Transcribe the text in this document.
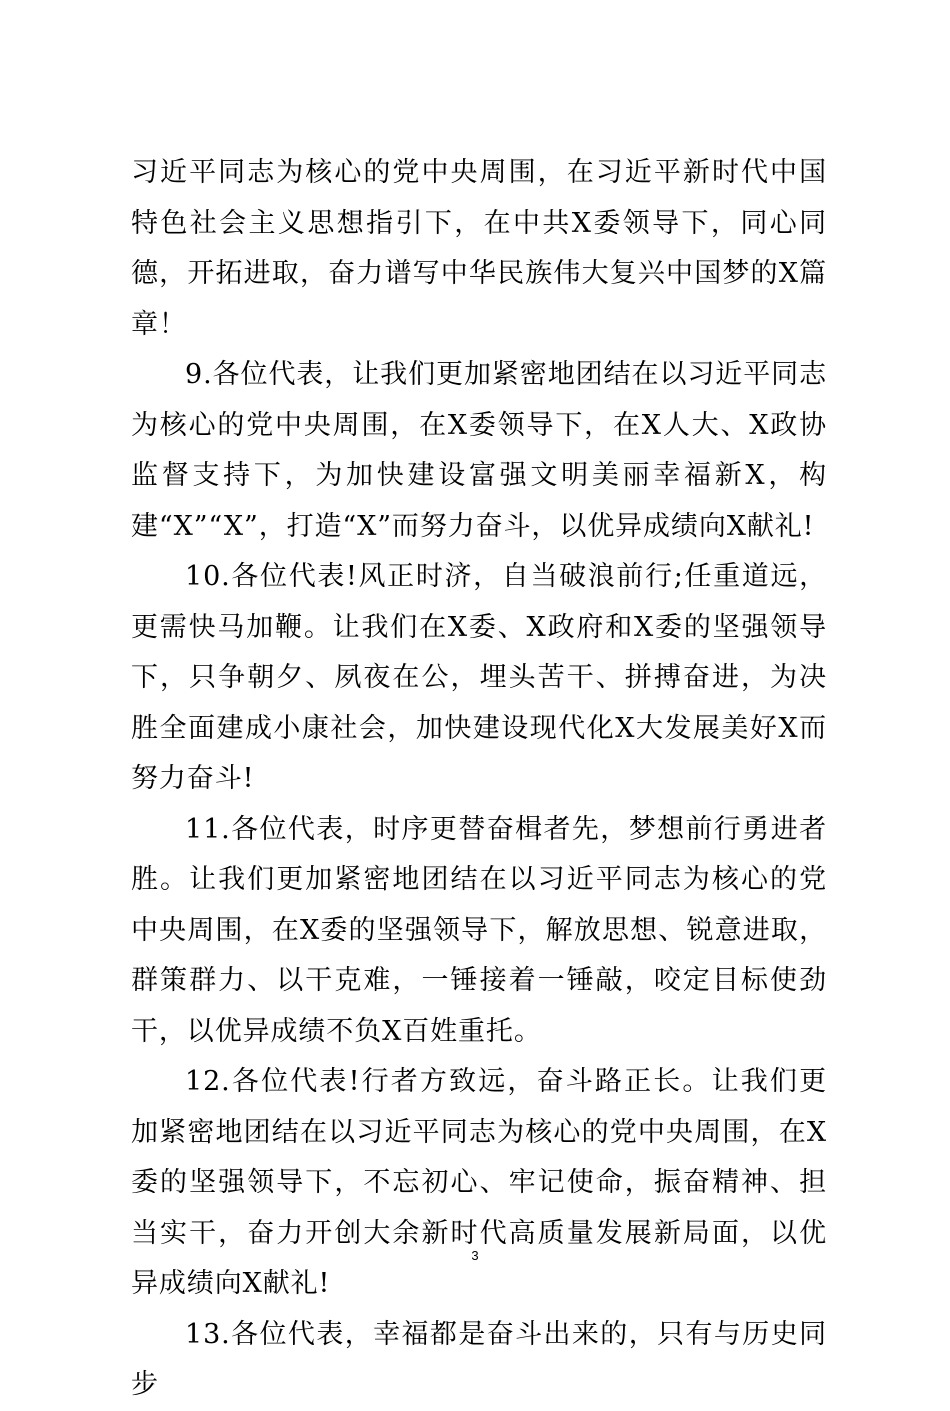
习近平同志为核心的党中央周围，在习近平新时代中国特色社会主义思想指引下，在中共X委领导下，同心同德，开拓进取，奋力谱写中华民族伟大复兴中国梦的X篇章！

9.各位代表，让我们更加紧密地团结在以习近平同志为核心的党中央周围，在X委领导下，在X人大、X政协监督支持下，为加快建设富强文明美丽幸福新X，构建“X”“X”，打造“X”而努力奋斗，以优异成绩向X献礼!

10.各位代表!风正时济，自当破浪前行;任重道远，更需快马加鞭。让我们在X委、X政府和X委的坚强领导下，只争朝夕、夙夜在公，埋头苦干、拼搏奋进，为决胜全面建成小康社会，加快建设现代化X大发展美好X而努力奋斗!

11.各位代表，时序更替奋楫者先，梦想前行勇进者胜。让我们更加紧密地团结在以习近平同志为核心的党中央周围，在X委的坚强领导下，解放思想、锐意进取，群策群力、以干克难，一锤接着一锤敲，咬定目标使劲干，以优异成绩不负X百姓重托。

12.各位代表!行者方致远，奋斗路正长。让我们更加紧密地团结在以习近平同志为核心的党中央周围，在X委的坚强领导下，不忘初心、牢记使命，振奋精神、担当实干，奋力开创大余新时代高质量发展新局面，以优异成绩向X献礼!

13.各位代表，幸福都是奋斗出来的，只有与历史同步

3
